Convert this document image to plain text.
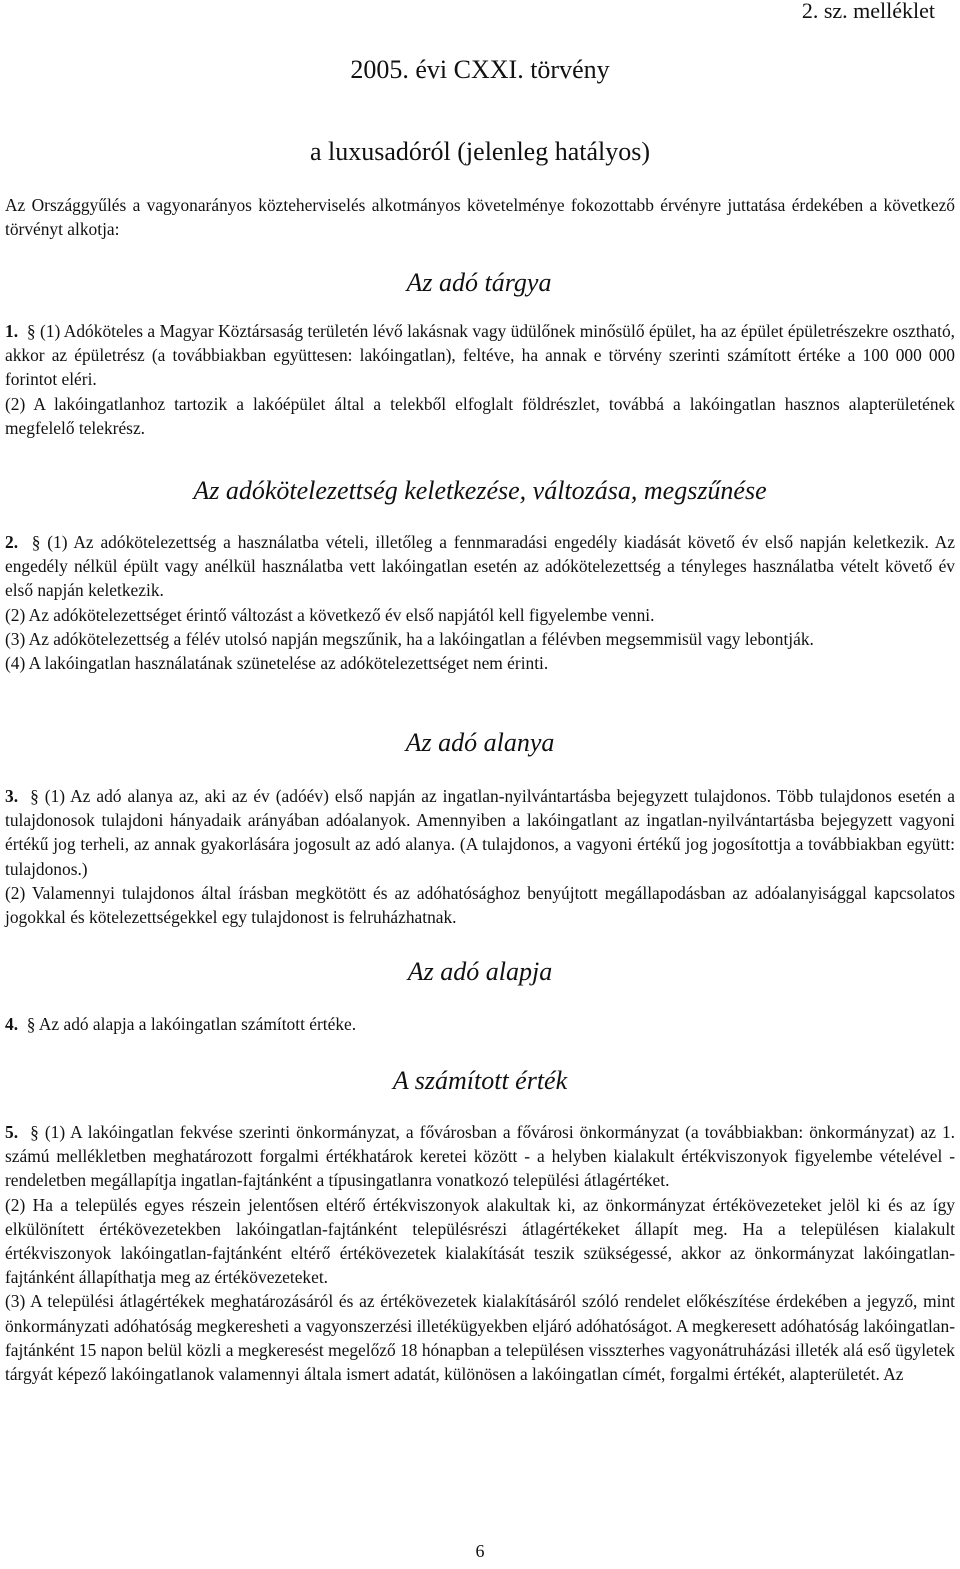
2. sz. melléklet
2005. évi CXXI. törvény
a luxusadóról (jelenleg hatályos)

Az Országgyűlés a vagyonarányos közteherviselés alkotmányos követelménye fokozottabb érvényre juttatása érdekében a következő törvényt alkotja:

Az adó tárgya

1. § (1) Adóköteles a Magyar Köztársaság területén lévő lakásnak vagy üdülőnek minősülő épület, ha az épület épületrészekre osztható, akkor az épületrész (a továbbiakban együttesen: lakóingatlan), feltéve, ha annak e törvény szerinti számított értéke a 100 000 000 forintot eléri.

(2) A lakóingatlanhoz tartozik a lakóépület által a telekből elfoglalt földrészlet, továbbá a lakóingatlan hasznos alapterületének megfelelő telekrész.

Az adókötelezettség keletkezése, változása, megszűnése

2. § (1) Az adókötelezettség a használatba vételi, illetőleg a fennmaradási engedély kiadását követő év első napján keletkezik. Az engedély nélkül épült vagy anélkül használatba vett lakóingatlan esetén az adókötelezettség a tényleges használatba vételt követő év első napján keletkezik.

(2) Az adókötelezettséget érintő változást a következő év első napjától kell figyelembe venni.

(3) Az adókötelezettség a félév utolsó napján megszűnik, ha a lakóingatlan a félévben megsemmisül vagy lebontják.

(4) A lakóingatlan használatának szünetelése az adókötelezettséget nem érinti.

Az adó alanya

3. § (1) Az adó alanya az, aki az év (adóév) első napján az ingatlan-nyilvántartásba bejegyzett tulajdonos. Több tulajdonos esetén a tulajdonosok tulajdoni hányadaik arányában adóalanyok. Amennyiben a lakóingatlant az ingatlan-nyilvántartásba bejegyzett vagyoni értékű jog terheli, az annak gyakorlására jogosult az adó alanya. (A tulajdonos, a vagyoni értékű jog jogosítottja a továbbiakban együtt: tulajdonos.)

(2) Valamennyi tulajdonos által írásban megkötött és az adóhatósághoz benyújtott megállapodásban az adóalanyisággal kapcsolatos jogokkal és kötelezettségekkel egy tulajdonost is felruházhatnak.

Az adó alapja

4. § Az adó alapja a lakóingatlan számított értéke.

A számított érték

5. § (1) A lakóingatlan fekvése szerinti önkormányzat, a fővárosban a fővárosi önkormányzat (a továbbiakban: önkormányzat) az 1. számú mellékletben meghatározott forgalmi értékhatárok keretei között - a helyben kialakult értékviszonyok figyelembe vételével - rendeletben megállapítja ingatlan-fajtánként a típusingatlanra vonatkozó települési átlagértéket.

(2) Ha a település egyes részein jelentősen eltérő értékviszonyok alakultak ki, az önkormányzat értékövezeteket jelöl ki és az így elkülönített értékövezetekben lakóingatlan-fajtánként településrészi átlagértékeket állapít meg. Ha a településen kialakult értékviszonyok lakóingatlan-fajtánként eltérő értékövezetek kialakítását teszik szükségessé, akkor az önkormányzat lakóingatlan-fajtánként állapíthatja meg az értékövezeteket.

(3) A települési átlagértékek meghatározásáról és az értékövezetek kialakításáról szóló rendelet előkészítése érdekében a jegyző, mint önkormányzati adóhatóság megkeresheti a vagyonszerzési illetékügyekben eljáró adóhatóságot. A megkeresett adóhatóság lakóingatlan-fajtánként 15 napon belül közli a megkeresést megelőző 18 hónapban a településen visszterhes vagyonátruházási illeték alá eső ügyletek tárgyát képező lakóingatlanok valamennyi általa ismert adatát, különösen a lakóingatlan címét, forgalmi értékét, alapterületét. Az

6
